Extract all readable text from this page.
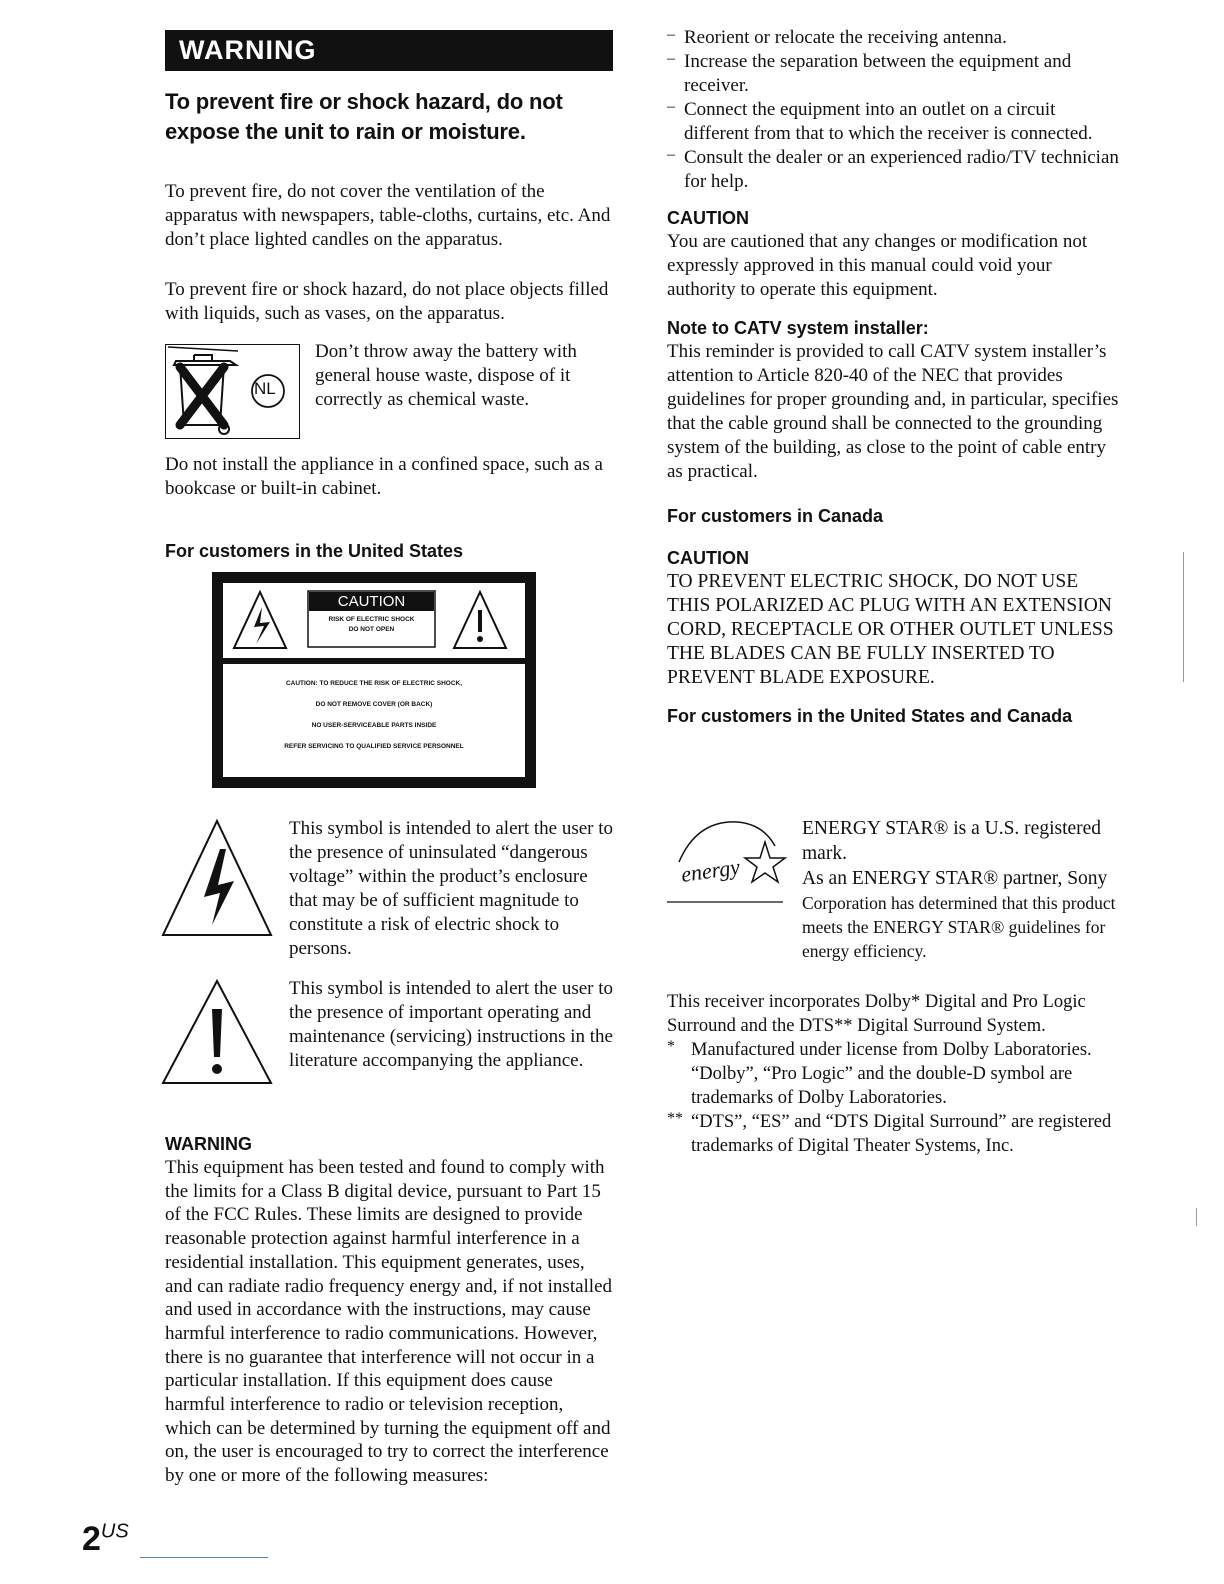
WARNING
To prevent fire or shock hazard, do not expose the unit to rain or moisture.

To prevent fire, do not cover the ventilation of the apparatus with newspapers, table-cloths, curtains, etc. And don’t place lighted candles on the apparatus.

To prevent fire or shock hazard, do not place objects filled with liquids, such as vases, on the apparatus.

Don’t throw away the battery with general house waste, dispose of it correctly as chemical waste.

NL

Do not install the appliance in a confined space, such as a bookcase or built-in cabinet.

For customers in the United States
CAUTION
RISK OF ELECTRIC SHOCK
DO NOT OPEN
CAUTION: TO REDUCE THE RISK OF ELECTRIC SHOCK,
DO NOT REMOVE COVER (OR BACK)
NO USER-SERVICEABLE PARTS INSIDE
REFER SERVICING TO QUALIFIED SERVICE PERSONNEL

This symbol is intended to alert the user to the presence of uninsulated “dangerous voltage” within the product’s enclosure that may be of sufficient magnitude to constitute a risk of electric shock to persons.

This symbol is intended to alert the user to the presence of important operating and maintenance (servicing) instructions in the literature accompanying the appliance.

WARNING

This equipment has been tested and found to comply with the limits for a Class B digital device, pursuant to Part 15 of the FCC Rules. These limits are designed to provide reasonable protection against harmful interference in a residential installation. This equipment generates, uses, and can radiate radio frequency energy and, if not installed and used in accordance with the instructions, may cause harmful interference to radio communications. However, there is no guarantee that interference will not occur in a particular installation. If this equipment does cause harmful interference to radio or television reception, which can be determined by turning the equipment off and on, the user is encouraged to try to correct the interference by one or more of the following measures:

$2^{US}$
– Reorient or relocate the receiving antenna.

– Increase the separation between the equipment and receiver.

– Connect the equipment into an outlet on a circuit different from that to which the receiver is connected.

– Consult the dealer or an experienced radio/TV technician for help.

CAUTION

You are cautioned that any changes or modification not expressly approved in this manual could void your authority to operate this equipment.

Note to CATV system installer:

This reminder is provided to call CATV system installer’s attention to Article 820-40 of the NEC that provides guidelines for proper grounding and, in particular, specifies that the cable ground shall be connected to the grounding system of the building, as close to the point of cable entry as practical.

For customers in Canada
CAUTION

TO PREVENT ELECTRIC SHOCK, DO NOT USE THIS POLARIZED AC PLUG WITH AN EXTENSION CORD, RECEPTACLE OR OTHER OUTLET UNLESS THE BLADES CAN BE FULLY INSERTED TO PREVENT BLADE EXPOSURE.

For customers in the United States and Canada
energy

ENERGY STAR® is a U.S. registered mark.

As an ENERGY STAR® partner, Sony

Corporation has determined that this product meets the ENERGY STAR® guidelines for energy efficiency.

This receiver incorporates Dolby* Digital and Pro Logic Surround and the DTS** Digital Surround System.

* Manufactured under license from Dolby Laboratories.

“Dolby”, “Pro Logic” and the double-D symbol are trademarks of Dolby Laboratories.

** “DTS”, “ES” and “DTS Digital Surround” are registered trademarks of Digital Theater Systems, Inc.
